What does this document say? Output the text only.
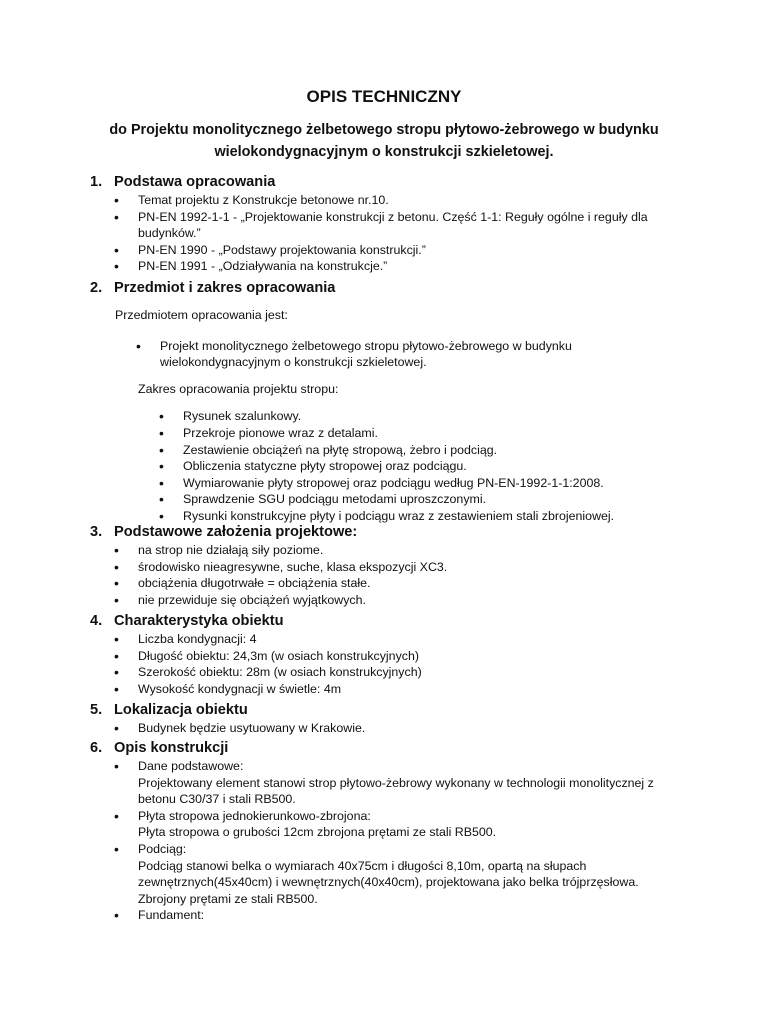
OPIS TECHNICZNY
do Projektu monolitycznego żelbetowego stropu płytowo-żebrowego w budynku wielokondygnacyjnym o konstrukcji szkieletowej.
1. Podstawa opracowania
• Temat projektu z Konstrukcje betonowe nr.10.
• PN-EN 1992-1-1 - „Projektowanie konstrukcji z betonu. Część 1-1: Reguły ogólne i reguły dla budynków.”
• PN-EN 1990 - „Podstawy projektowania konstrukcji.”
• PN-EN 1991 - „Odziaływania na konstrukcje.”
2. Przedmiot i zakres opracowania
Przedmiotem opracowania jest:
• Projekt monolitycznego żelbetowego stropu płytowo-żebrowego w budynku wielokondygnacyjnym o konstrukcji szkieletowej.
Zakres opracowania projektu stropu:
• Rysunek szalunkowy.
• Przekroje pionowe wraz z detalami.
• Zestawienie obciążeń na płytę stropową, żebro i podciąg.
• Obliczenia statyczne płyty stropowej oraz podciągu.
• Wymiarowanie płyty stropowej oraz podciągu według PN-EN-1992-1-1:2008.
• Sprawdzenie SGU podciągu metodami uproszczonymi.
• Rysunki konstrukcyjne płyty i podciągu wraz z zestawieniem stali zbrojeniowej.
3. Podstawowe założenia projektowe:
• na strop nie działają siły poziome.
• środowisko nieagresywne, suche, klasa ekspozycji XC3.
• obciążenia długotrwałe = obciążenia stałe.
• nie przewiduje się obciążeń wyjątkowych.
4. Charakterystyka obiektu
• Liczba kondygnacji: 4
• Długość obiektu: 24,3m (w osiach konstrukcyjnych)
• Szerokość obiektu: 28m (w osiach konstrukcyjnych)
• Wysokość kondygnacji w świetle: 4m
5. Lokalizacja obiektu
• Budynek będzie usytuowany w Krakowie.
6. Opis konstrukcji
• Dane podstawowe:
Projektowany element stanowi strop płytowo-żebrowy wykonany w technologii monolitycznej z betonu C30/37 i stali RB500.
• Płyta stropowa jednokierunkowo-zbrojona:
Płyta stropowa o grubości 12cm zbrojona prętami ze stali RB500.
• Podciąg:
Podciąg stanowi belka o wymiarach 40x75cm i długości 8,10m, opartą na słupach zewnętrznych(45x40cm) i wewnętrznych(40x40cm), projektowana jako belka trójprzęsłowa. Zbrojony prętami ze stali RB500.
• Fundament:
